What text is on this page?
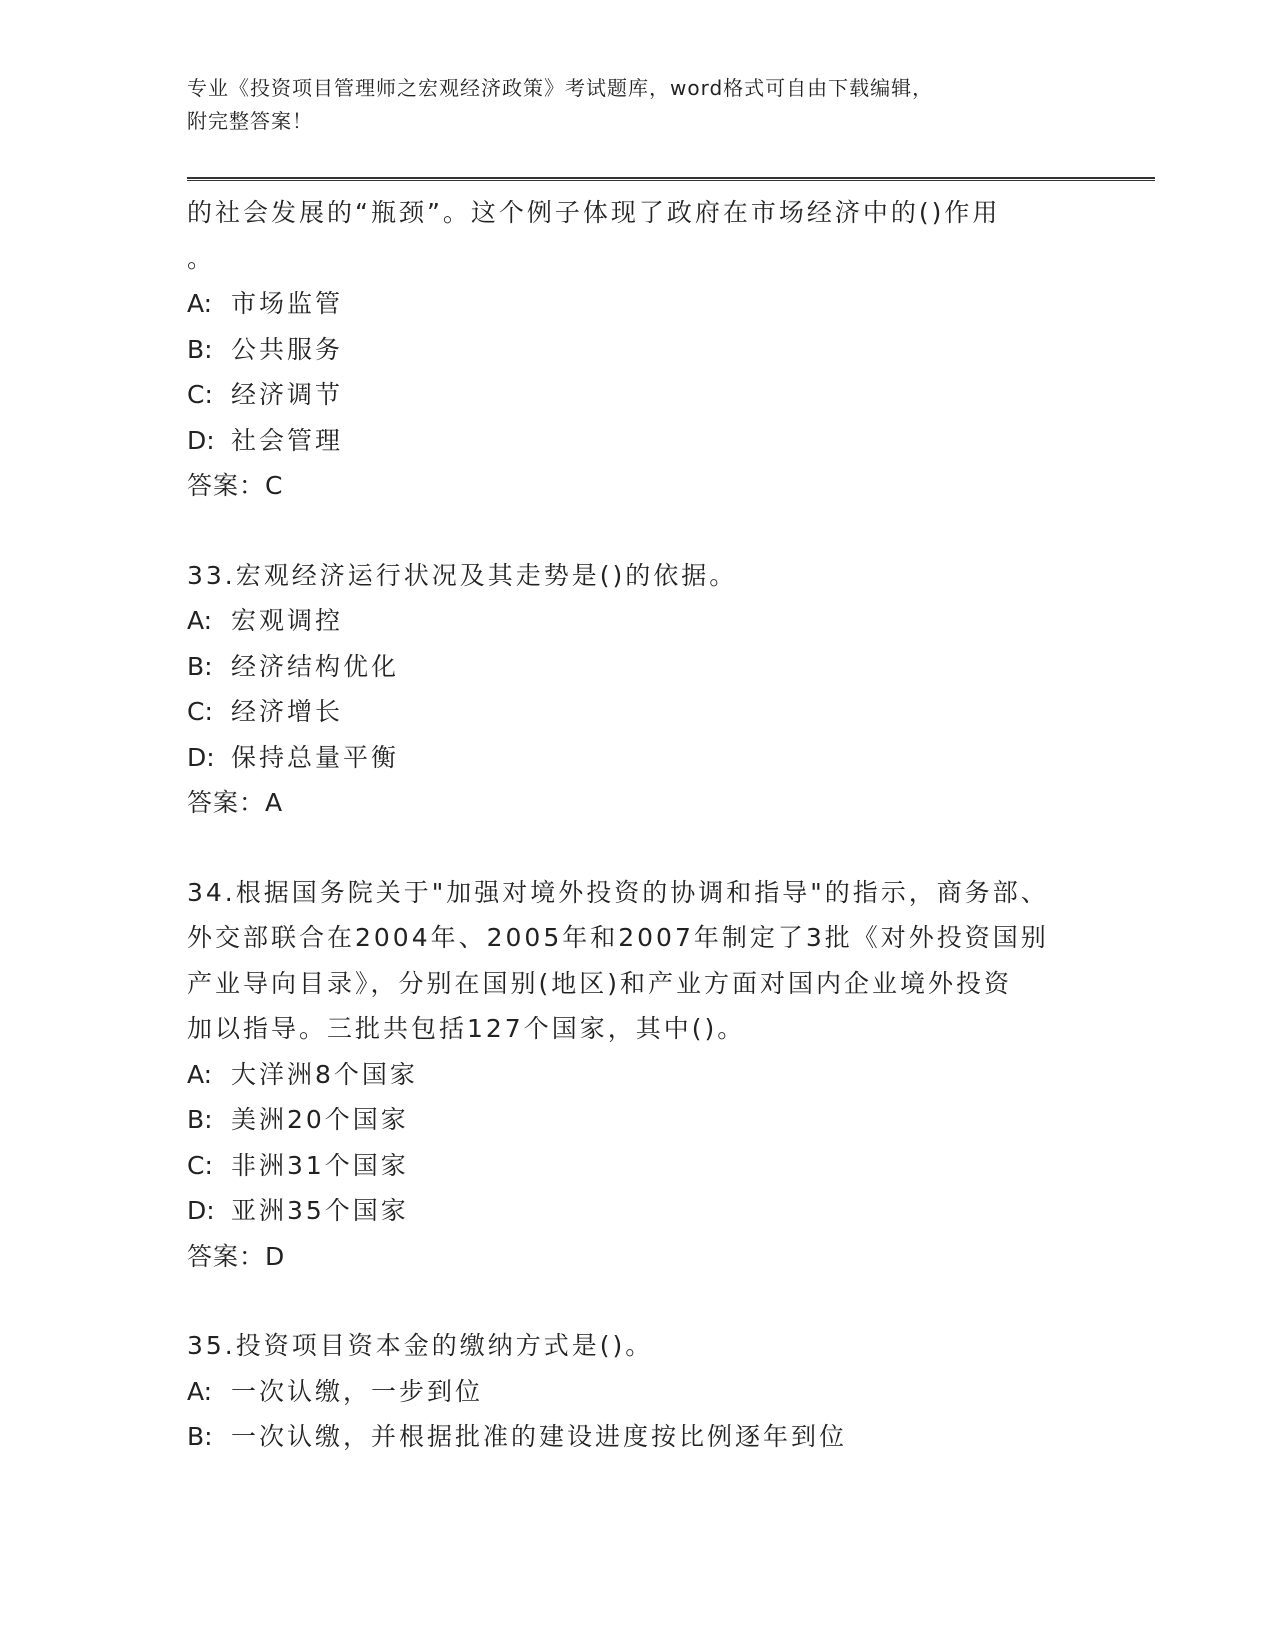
专业《投资项目管理师之宏观经济政策》考试题库，word格式可自由下载编辑，
附完整答案！
的社会发展的“瓶颈”。这个例子体现了政府在市场经济中的()作用
。
A: 市场监管
B: 公共服务
C: 经济调节
D: 社会管理
答案：C
33.宏观经济运行状况及其走势是()的依据。
A: 宏观调控
B: 经济结构优化
C: 经济增长
D: 保持总量平衡
答案：A
34.根据国务院关于"加强对境外投资的协调和指导"的指示，商务部、
外交部联合在2004年、2005年和2007年制定了3批《对外投资国别
产业导向目录》，分别在国别(地区)和产业方面对国内企业境外投资
加以指导。三批共包括127个国家，其中()。
A: 大洋洲8个国家
B: 美洲20个国家
C: 非洲31个国家
D: 亚洲35个国家
答案：D
35.投资项目资本金的缴纳方式是()。
A: 一次认缴，一步到位
B: 一次认缴，并根据批准的建设进度按比例逐年到位
